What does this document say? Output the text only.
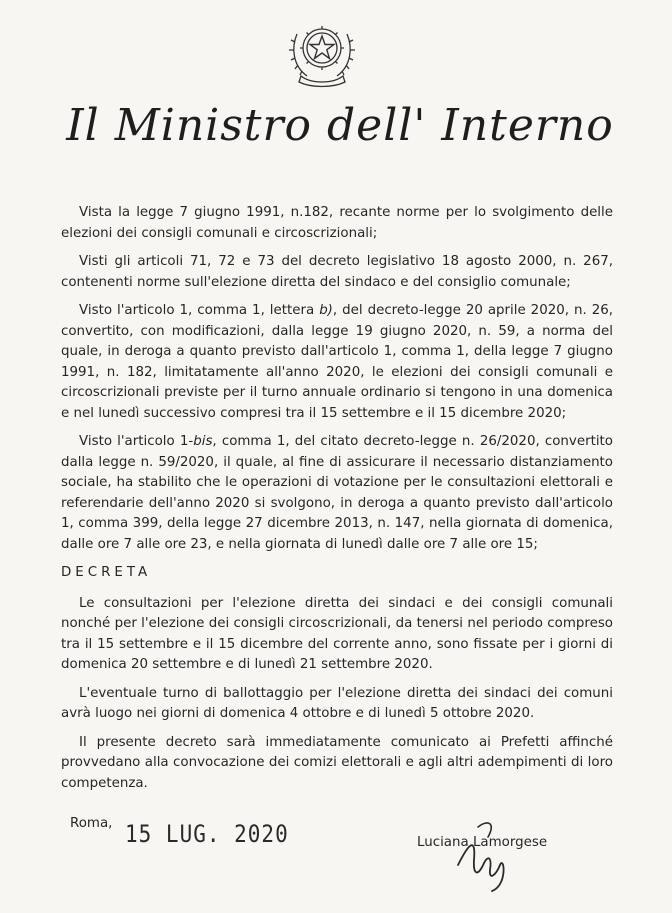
Il Ministro dell' Interno

Vista la legge 7 giugno 1991, n.182, recante norme per lo svolgimento delle elezioni dei consigli comunali e circoscrizionali;

Visti gli articoli 71, 72 e 73 del decreto legislativo 18 agosto 2000, n. 267, contenenti norme sull'elezione diretta del sindaco e del consiglio comunale;

Visto l'articolo 1, comma 1, lettera b), del decreto-legge 20 aprile 2020, n. 26, convertito, con modificazioni, dalla legge 19 giugno 2020, n. 59, a norma del quale, in deroga a quanto previsto dall'articolo 1, comma 1, della legge 7 giugno 1991, n. 182, limitatamente all'anno 2020, le elezioni dei consigli comunali e circoscrizionali previste per il turno annuale ordinario si tengono in una domenica e nel lunedì successivo compresi tra il 15 settembre e il 15 dicembre 2020;

Visto l'articolo 1-bis, comma 1, del citato decreto-legge n. 26/2020, convertito dalla legge n. 59/2020, il quale, al fine di assicurare il necessario distanziamento sociale, ha stabilito che le operazioni di votazione per le consultazioni elettorali e referendarie dell'anno 2020 si svolgono, in deroga a quanto previsto dall'articolo 1, comma 399, della legge 27 dicembre 2013, n. 147, nella giornata di domenica, dalle ore 7 alle ore 23, e nella giornata di lunedì dalle ore 7 alle ore 15;

DECRETA

Le consultazioni per l'elezione diretta dei sindaci e dei consigli comunali nonché per l'elezione dei consigli circoscrizionali, da tenersi nel periodo compreso tra il 15 settembre e il 15 dicembre del corrente anno, sono fissate per i giorni di domenica 20 settembre e di lunedì 21 settembre 2020.

L'eventuale turno di ballottaggio per l'elezione diretta dei sindaci dei comuni avrà luogo nei giorni di domenica 4 ottobre e di lunedì 5 ottobre 2020.

Il presente decreto sarà immediatamente comunicato ai Prefetti affinché provvedano alla convocazione dei comizi elettorali e agli altri adempimenti di loro competenza.

Roma, 15 LUG. 2020	Luciana Lamorgese
